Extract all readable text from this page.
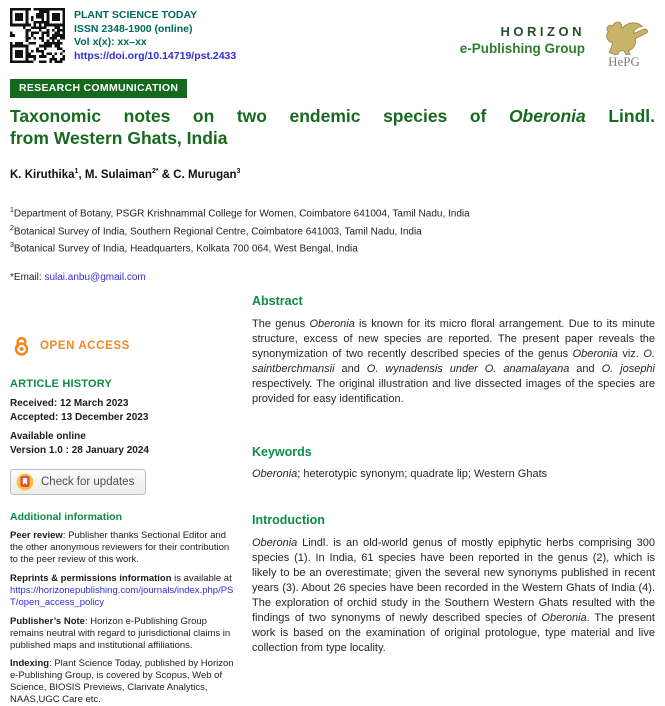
PLANT SCIENCE TODAY
ISSN 2348-1900 (online)
Vol x(x): xx–xx
https://doi.org/10.14719/pst.2433
HORIZON
e-Publishing Group
HePG
RESEARCH COMMUNICATION
Taxonomic notes on two endemic species of Oberonia Lindl.
from Western Ghats, India
K. Kiruthika$^1$, M. Sulaiman$^{2*}$ & C. Murugan$^3$
$^1$Department of Botany, PSGR Krishnammal College for Women, Coimbatore 641004, Tamil Nadu, India
$^2$Botanical Survey of India, Southern Regional Centre, Coimbatore 641003, Tamil Nadu, India
$^3$Botanical Survey of India, Headquarters, Kolkata 700 064, West Bengal, India
*Email: sulai.anbu@gmail.com
OPEN ACCESS
ARTICLE HISTORY
Received: 12 March 2023
Accepted: 13 December 2023
Available online
Version 1.0 : 28 January 2024
Check for updates
Additional information
Peer review: Publisher thanks Sectional Editor and the other anonymous reviewers for their contribution to the peer review of this work.
Reprints & permissions information is available at https://horizonepublishing.com/journals/index.php/PST/open_access_policy
Publisher’s Note: Horizon e-Publishing Group remains neutral with regard to jurisdictional claims in published maps and institutional affiliations.
Indexing: Plant Science Today, published by Horizon e-Publishing Group, is covered by Scopus, Web of Science, BIOSIS Previews, Clarivate Analytics, NAAS,UGC Care etc.
Abstract

The genus Oberonia is known for its micro floral arrangement. Due to its minute structure, excess of new species are reported. The present paper reveals the synonymization of two recently described species of the genus Oberonia viz. O. saintberchmansii and O. wynadensis under O. anamalayana and O. josephi respectively. The original illustration and live dissected images of the species are provided for easy identification.

Keywords
Oberonia; heterotypic synonym; quadrate lip; Western Ghats
Introduction

Oberonia Lindl. is an old-world genus of mostly epiphytic herbs comprising 300 species (1). In India, 61 species have been reported in the genus (2), which is likely to be an overestimate; given the several new synonyms published in recent years (3). About 26 species have been recorded in the Western Ghats of India (4). The exploration of orchid study in the Southern Western Ghats resulted with the findings of two synonyms of newly described species of Oberonia. The present work is based on the examination of original protologue, type material and live collection from type locality.
